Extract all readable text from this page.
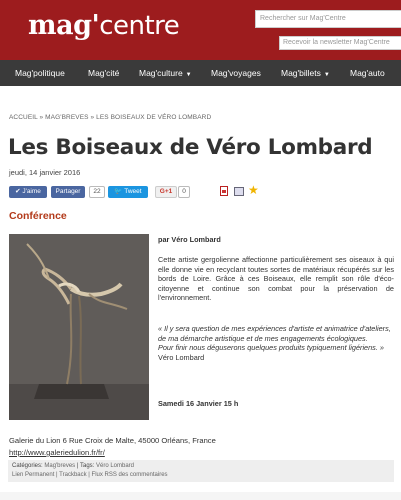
mag'centre	Rechercher sur Mag'Centre
Recevoir la newsletter Mag'Centre
Mag'politique	Mag'cité Mag'culture ▼ Mag'voyages Mag'billets ▼ Mag'auto
ACCUEIL » MAG'BREVES » LES BOISEAUX DE VÉRO LOMBARD
Les Boiseaux de Véro Lombard
jeudi, 14 janvier 2016
✔ J'aime	Partager	22	🐦 Tweet	G+1	0	★
Conférence
par Véro Lombard
Cette artiste gergolienne affectionne particulièrement ses oiseaux à qui elle donne vie en recyclant toutes sortes de matériaux récupérés sur les bords de Loire. Grâce à ces Boiseaux, elle remplit son rôle d'éco-citoyenne et continue son combat pour la préservation de l'environnement.
« Il y sera question de mes expériences d'artiste et animatrice d'ateliers, de ma démarche artistique et de mes engagements écologiques.
Pour finir nous déguserons quelques produits typiquement ligériens. » Véro Lombard
Samedi 16 Janvier 15 h
Galerie du Lion 6 Rue Croix de Malte, 45000 Orléans, France
http://www.galeriedulion.fr/fr/
Catégories: Mag'breves | Tags: Véro Lombard
Lien Permanent | Trackback | Flux RSS des commentaires
